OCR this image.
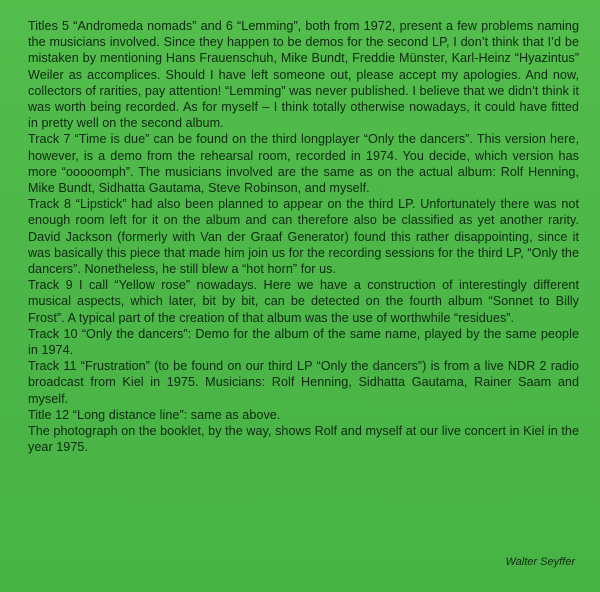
Titles 5 “Andromeda nomads” and 6 “Lemming”, both from 1972, present a few problems naming the musicians involved. Since they happen to be demos for the second LP, I don’t think that I’d be mistaken by mentioning Hans Frauenschuh, Mike Bundt, Freddie Münster, Karl-Heinz “Hyazintus” Weiler as accomplices. Should I have left someone out, please accept my apologies. And now, collectors of rarities, pay attention! “Lemming” was never published. I believe that we didn’t think it was worth being recorded. As for myself – I think totally otherwise nowadays, it could have fitted in pretty well on the second album.

Track 7 “Time is due” can be found on the third longplayer “Only the dancers”. This version here, however, is a demo from the rehearsal room, recorded in 1974. You decide, which version has more “ooooomph”. The musicians involved are the same as on the actual album: Rolf Henning, Mike Bundt, Sidhatta Gautama, Steve Robinson, and myself.

Track 8 “Lipstick” had also been planned to appear on the third LP. Unfortunately there was not enough room left for it on the album and can therefore also be classified as yet another rarity. David Jackson (formerly with Van der Graaf Generator) found this rather disappointing, since it was basically this piece that made him join us for the recording sessions for the third LP, “Only the dancers”. Nonetheless, he still blew a “hot horn” for us.

Track 9 I call “Yellow rose” nowadays. Here we have a construction of interestingly different musical aspects, which later, bit by bit, can be detected on the fourth album “Sonnet to Billy Frost”. A typical part of the creation of that album was the use of worthwhile “residues”.

Track 10 “Only the dancers”: Demo for the album of the same name, played by the same people in 1974.

Track 11 “Frustration” (to be found on our third LP “Only the dancers”) is from a live NDR 2 radio broadcast from Kiel in 1975. Musicians: Rolf Henning, Sidhatta Gautama, Rainer Saam and myself.

Title 12 “Long distance line”: same as above.

The photograph on the booklet, by the way, shows Rolf and myself at our live concert in Kiel in the year 1975.

Walter Seyffer
